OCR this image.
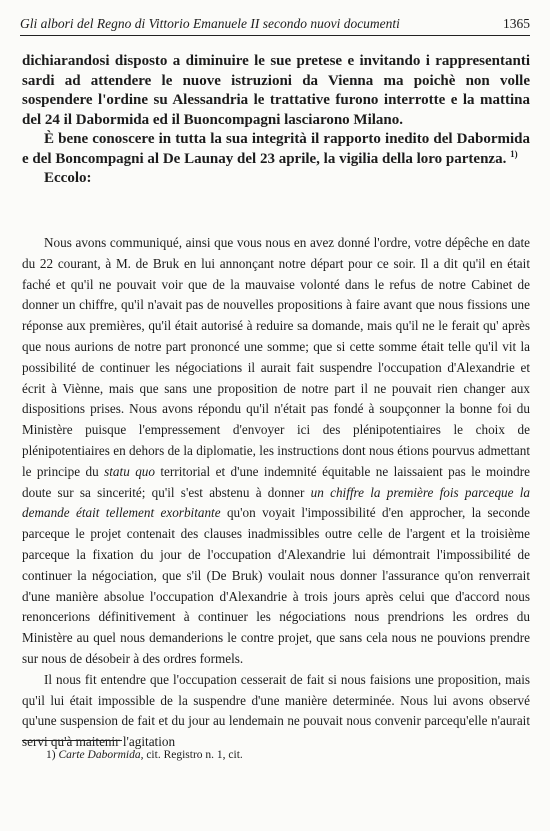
Gli albori del Regno di Vittorio Emanuele II secondo nuovi documenti	1365

dichiarandosi disposto a diminuire le sue pretese e invitando i rappresentanti sardi ad attendere le nuove istruzioni da Vienna ma poichè non volle sospendere l'ordine su Alessandria le trattative furono interrotte e la mattina del 24 il Dabormida ed il Buoncompagni lasciarono Milano.

È bene conoscere in tutta la sua integrità il rapporto inedito del Dabormida e del Boncompagni al De Launay del 23 aprile, la vigilia della loro partenza. $^{1)}$

Eccolo:

Nous avons communiqué, ainsi que vous nous en avez donné l'ordre, votre dépêche en date du 22 courant, à M. de Bruk en lui annonçant notre départ pour ce soir. Il a dit qu'il en était faché et qu'il ne pouvait voir que de la mauvaise volonté dans le refus de notre Cabinet de donner un chiffre, qu'il n'avait pas de nouvelles propositions à faire avant que nous fissions une réponse aux premières, qu'il était autorisé à reduire sa domande, mais qu'il ne le ferait qu' après que nous aurions de notre part prononcé une somme; que si cette somme était telle qu'il vit la possibilité de continuer les négociations il aurait fait suspendre l'occupation d'Alexandrie et écrit à Viènne, mais que sans une proposition de notre part il ne pouvait rien changer aux dispositions prises. Nous avons répondu qu'il n'était pas fondé à soupçonner la bonne foi du Ministère puisque l'empressement d'envoyer ici des plénipotentiaires le choix de plénipotentiaires en dehors de la diplomatie, les instructions dont nous étions pourvus admettant le principe du statu quo territorial et d'une indemnité équitable ne laissaient pas le moindre doute sur sa sincerité; qu'il s'est abstenu à donner un chiffre la première fois parceque la demande était tellement exorbitante qu'on voyait l'impossibilité d'en approcher, la seconde parceque le projet contenait des clauses inadmissibles outre celle de l'argent et la troisième parceque la fixation du jour de l'occupation d'Alexandrie lui démontrait l'impossibilité de continuer la négociation, que s'il (De Bruk) voulait nous donner l'assurance qu'on renverrait d'une manière absolue l'occupation d'Alexandrie à trois jours après celui que d'accord nous renoncerions définitivement à continuer les négociations nous prendrions les ordres du Ministère au quel nous demanderions le contre projet, que sans cela nous ne pouvions prendre sur nous de désobeir à des ordres formels.

Il nous fit entendre que l'occupation cesserait de fait si nous faisions une proposition, mais qu'il lui était impossible de la suspendre d'une manière determinée. Nous lui avons observé qu'une suspension de fait et du jour au lendemain ne pouvait nous convenir parcequ'elle n'aurait servi qu'à maitenir l'agitation

1) Carte Dabormida, cit. Registro n. 1, cit.
